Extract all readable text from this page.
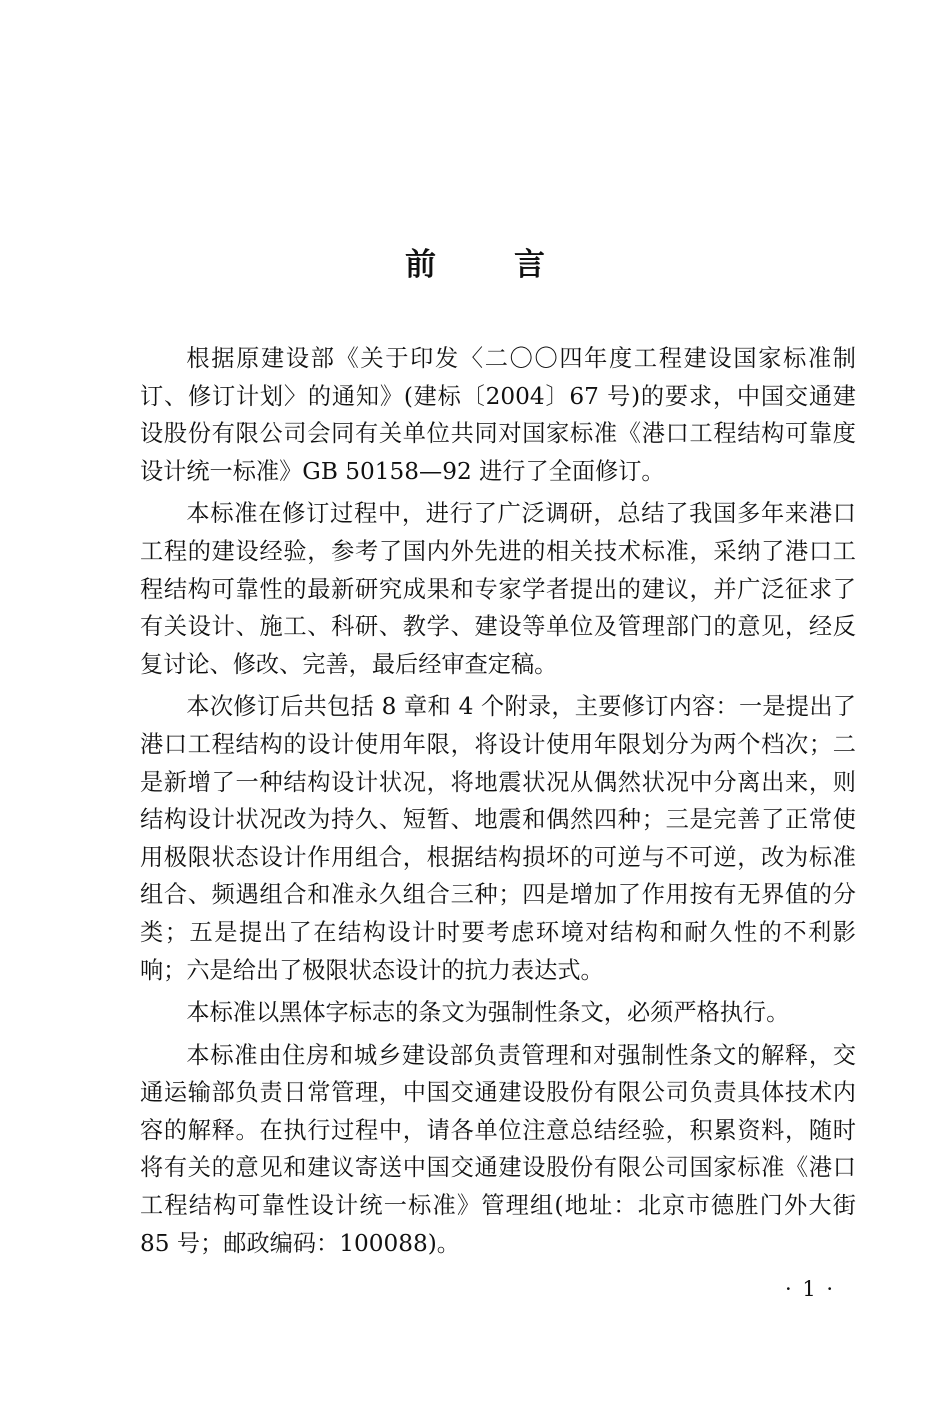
前言

根据原建设部《关于印发〈二〇〇四年度工程建设国家标准制订、修订计划〉的通知》(建标〔2004〕67 号)的要求，中国交通建设股份有限公司会同有关单位共同对国家标准《港口工程结构可靠度设计统一标准》GB 50158—92 进行了全面修订。

本标准在修订过程中，进行了广泛调研，总结了我国多年来港口工程的建设经验，参考了国内外先进的相关技术标准，采纳了港口工程结构可靠性的最新研究成果和专家学者提出的建议，并广泛征求了有关设计、施工、科研、教学、建设等单位及管理部门的意见，经反复讨论、修改、完善，最后经审查定稿。

本次修订后共包括 8 章和 4 个附录，主要修订内容：一是提出了港口工程结构的设计使用年限，将设计使用年限划分为两个档次；二是新增了一种结构设计状况，将地震状况从偶然状况中分离出来，则结构设计状况改为持久、短暂、地震和偶然四种；三是完善了正常使用极限状态设计作用组合，根据结构损坏的可逆与不可逆，改为标准组合、频遇组合和准永久组合三种；四是增加了作用按有无界值的分类；五是提出了在结构设计时要考虑环境对结构和耐久性的不利影响；六是给出了极限状态设计的抗力表达式。

本标准以黑体字标志的条文为强制性条文，必须严格执行。

本标准由住房和城乡建设部负责管理和对强制性条文的解释，交通运输部负责日常管理，中国交通建设股份有限公司负责具体技术内容的解释。在执行过程中，请各单位注意总结经验，积累资料，随时将有关的意见和建议寄送中国交通建设股份有限公司国家标准《港口工程结构可靠性设计统一标准》管理组(地址：北京市德胜门外大街 85 号；邮政编码：100088)。

· 1 ·
